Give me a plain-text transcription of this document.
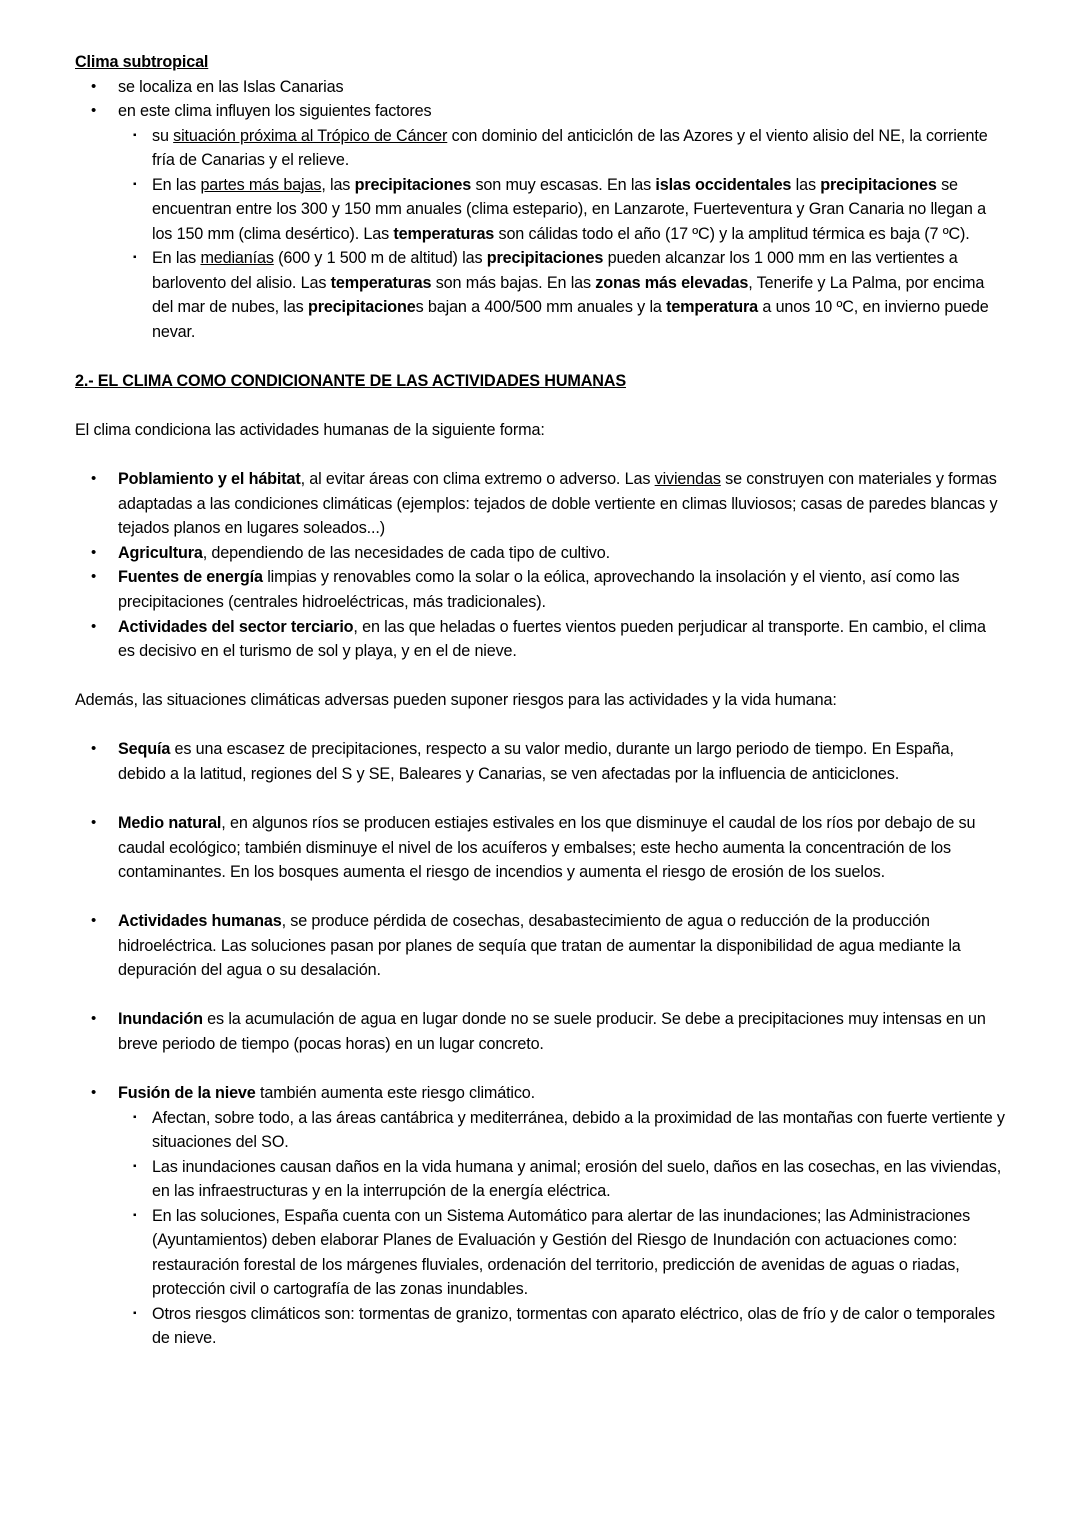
Clima subtropical
•	se localiza en las Islas Canarias
•	en este clima influyen los siguientes factores
▪ su situación próxima al Trópico de Cáncer con dominio del anticiclón de las Azores y el viento alisio del NE, la corriente fría de Canarias y el relieve.
▪ En las partes más bajas, las precipitaciones son muy escasas. En las islas occidentales las precipitaciones se encuentran entre los 300 y 150 mm anuales (clima estepario), en Lanzarote, Fuerteventura y Gran Canaria no llegan a los 150 mm (clima desértico). Las temperaturas son cálidas todo el año (17 ºC) y la amplitud térmica es baja (7 ºC).
▪ En las medianías (600 y 1 500 m de altitud) las precipitaciones pueden alcanzar los 1 000 mm en las vertientes a barlovento del alisio. Las temperaturas son más bajas. En las zonas más elevadas, Tenerife y La Palma, por encima del mar de nubes, las precipitaciones bajan a 400/500 mm anuales y la temperatura a unos 10 ºC, en invierno puede nevar.
2.- EL CLIMA COMO CONDICIONANTE DE LAS ACTIVIDADES HUMANAS
El clima condiciona las actividades humanas de la siguiente forma:
•	Poblamiento y el hábitat, al evitar áreas con clima extremo o adverso. Las viviendas se construyen con materiales y formas adaptadas a las condiciones climáticas (ejemplos: tejados de doble vertiente en climas lluviosos; casas de paredes blancas y tejados planos en lugares soleados...)
•	Agricultura, dependiendo de las necesidades de cada tipo de cultivo.
•	Fuentes de energía limpias y renovables como la solar o la eólica, aprovechando la insolación y el viento, así como las precipitaciones (centrales hidroeléctricas, más tradicionales).
•	Actividades del sector terciario, en las que heladas o fuertes vientos pueden perjudicar al transporte. En cambio, el clima es decisivo en el turismo de sol y playa, y en el de nieve.
Además, las situaciones climáticas adversas pueden suponer riesgos para las actividades y la vida humana:
•	Sequía es una escasez de precipitaciones, respecto a su valor medio, durante un largo periodo de tiempo. En España, debido a la latitud, regiones del S y SE, Baleares y Canarias, se ven afectadas por la influencia de anticiclones.
•	Medio natural, en algunos ríos se producen estiajes estivales en los que disminuye el caudal de los ríos por debajo de su caudal ecológico; también disminuye el nivel de los acuíferos y embalses; este hecho aumenta la concentración de los contaminantes. En los bosques aumenta el riesgo de incendios y aumenta el riesgo de erosión de los suelos.
•	Actividades humanas, se produce pérdida de cosechas, desabastecimiento de agua o reducción de la producción hidroeléctrica. Las soluciones pasan por planes de sequía que tratan de aumentar la disponibilidad de agua mediante la depuración del agua o su desalación.
•	Inundación es la acumulación de agua en lugar donde no se suele producir. Se debe a precipitaciones muy intensas en un breve periodo de tiempo (pocas horas) en un lugar concreto.
•	Fusión de la nieve también aumenta este riesgo climático.
▪ Afectan, sobre todo, a las áreas cantábrica y mediterránea, debido a la proximidad de las montañas con fuerte vertiente y situaciones del SO.
▪ Las inundaciones causan daños en la vida humana y animal; erosión del suelo, daños en las cosechas, en las viviendas, en las infraestructuras y en la interrupción de la energía eléctrica.
▪ En las soluciones, España cuenta con un Sistema Automático para alertar de las inundaciones; las Administraciones (Ayuntamientos) deben elaborar Planes de Evaluación y Gestión del Riesgo de Inundación con actuaciones como: restauración forestal de los márgenes fluviales, ordenación del territorio, predicción de avenidas de aguas o riadas, protección civil o cartografía de las zonas inundables.
▪ Otros riesgos climáticos son: tormentas de granizo, tormentas con aparato eléctrico, olas de frío y de calor o temporales de nieve.
